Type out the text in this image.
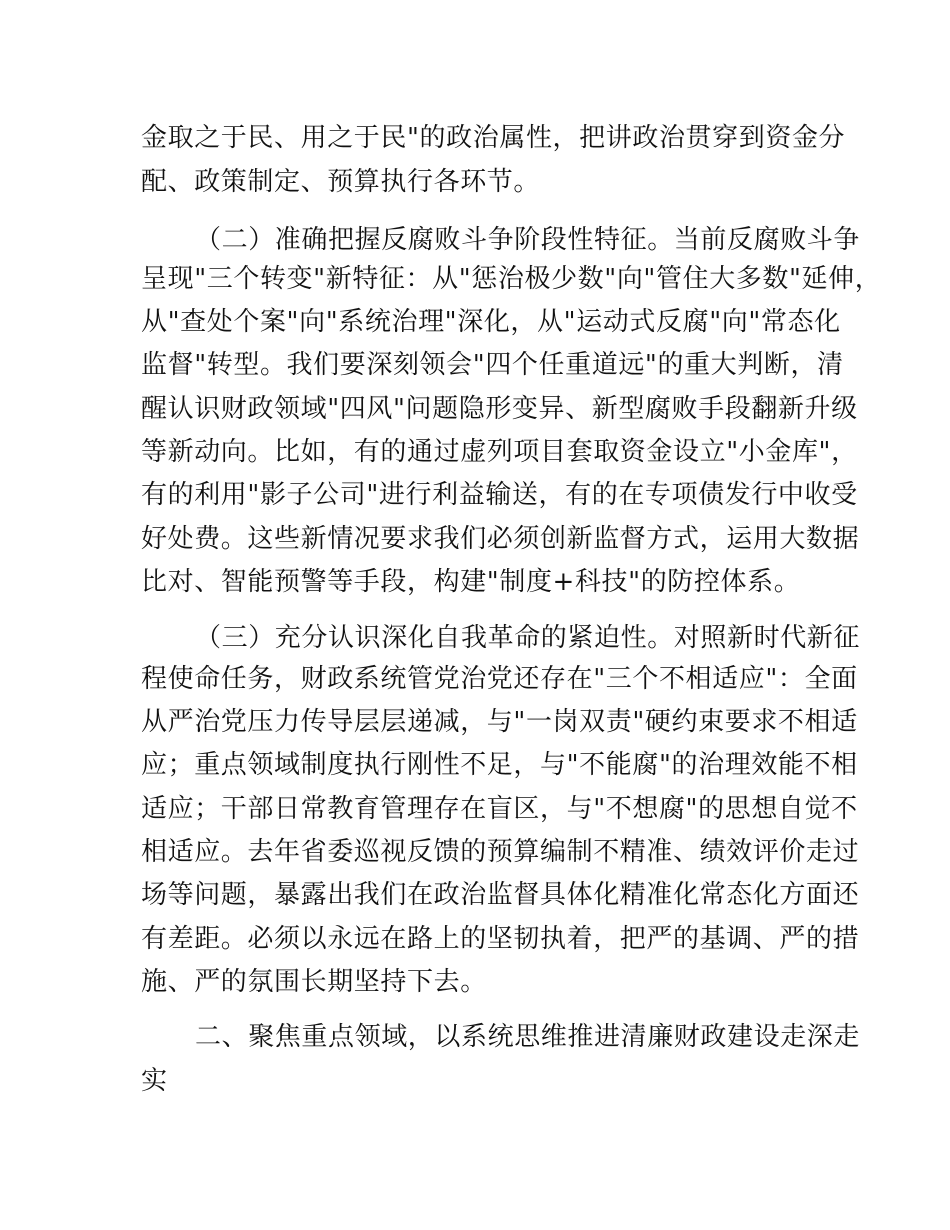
金取之于民、用之于民"的政治属性，把讲政治贯穿到资金分
配、政策制定、预算执行各环节。
（二）准确把握反腐败斗争阶段性特征。当前反腐败斗争
呈现"三个转变"新特征：从"惩治极少数"向"管住大多数"延伸，
从"查处个案"向"系统治理"深化，从"运动式反腐"向"常态化
监督"转型。我们要深刻领会"四个任重道远"的重大判断，清
醒认识财政领域"四风"问题隐形变异、新型腐败手段翻新升级
等新动向。比如，有的通过虚列项目套取资金设立"小金库"，
有的利用"影子公司"进行利益输送，有的在专项债发行中收受
好处费。这些新情况要求我们必须创新监督方式，运用大数据
比对、智能预警等手段，构建"制度+科技"的防控体系。
（三）充分认识深化自我革命的紧迫性。对照新时代新征
程使命任务，财政系统管党治党还存在"三个不相适应"：全面
从严治党压力传导层层递减，与"一岗双责"硬约束要求不相适
应；重点领域制度执行刚性不足，与"不能腐"的治理效能不相
适应；干部日常教育管理存在盲区，与"不想腐"的思想自觉不
相适应。去年省委巡视反馈的预算编制不精准、绩效评价走过
场等问题，暴露出我们在政治监督具体化精准化常态化方面还
有差距。必须以永远在路上的坚韧执着，把严的基调、严的措
施、严的氛围长期坚持下去。
二、聚焦重点领域，以系统思维推进清廉财政建设走深走
实
